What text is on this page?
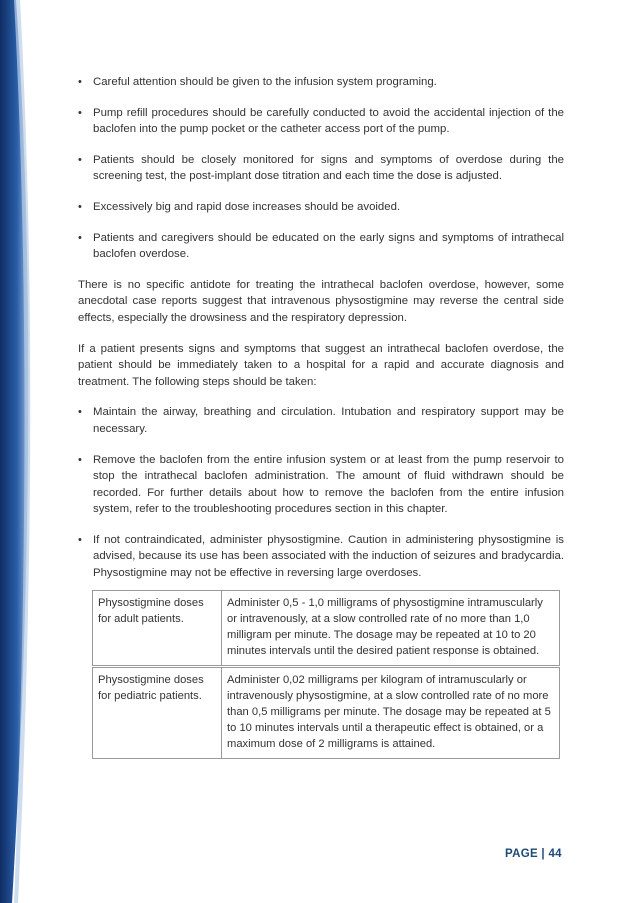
• Careful attention should be given to the infusion system programing.
• Pump refill procedures should be carefully conducted to avoid the accidental injection of the baclofen into the pump pocket or the catheter access port of the pump.
• Patients should be closely monitored for signs and symptoms of overdose during the screening test, the post-implant dose titration and each time the dose is adjusted.
• Excessively big and rapid dose increases should be avoided.
• Patients and caregivers should be educated on the early signs and symptoms of intrathecal baclofen overdose.

There is no specific antidote for treating the intrathecal baclofen overdose, however, some anecdotal case reports suggest that intravenous physostigmine may reverse the central side effects, especially the drowsiness and the respiratory depression.

If a patient presents signs and symptoms that suggest an intrathecal baclofen overdose, the patient should be immediately taken to a hospital for a rapid and accurate diagnosis and treatment. The following steps should be taken:

• Maintain the airway, breathing and circulation. Intubation and respiratory support may be necessary.
• Remove the baclofen from the entire infusion system or at least from the pump reservoir to stop the intrathecal baclofen administration. The amount of fluid withdrawn should be recorded. For further details about how to remove the baclofen from the entire infusion system, refer to the troubleshooting procedures section in this chapter.
• If not contraindicated, administer physostigmine. Caution in administering physostigmine is advised, because its use has been associated with the induction of seizures and bradycardia. Physostigmine may not be effective in reversing large overdoses.
Physostigmine doses for adult patients.	Administer 0,5 - 1,0 milligrams of physostigmine intramuscularly or intravenously, at a slow controlled rate of no more than 1,0 milligram per minute. The dosage may be repeated at 10 to 20 minutes intervals until the desired patient response is obtained.
Physostigmine doses for pediatric patients.	Administer 0,02 milligrams per kilogram of intramuscularly or intravenously physostigmine, at a slow controlled rate of no more than 0,5 milligrams per minute. The dosage may be repeated at 5 to 10 minutes intervals until a therapeutic effect is obtained, or a maximum dose of 2 milligrams is attained.
PAGE | 44
